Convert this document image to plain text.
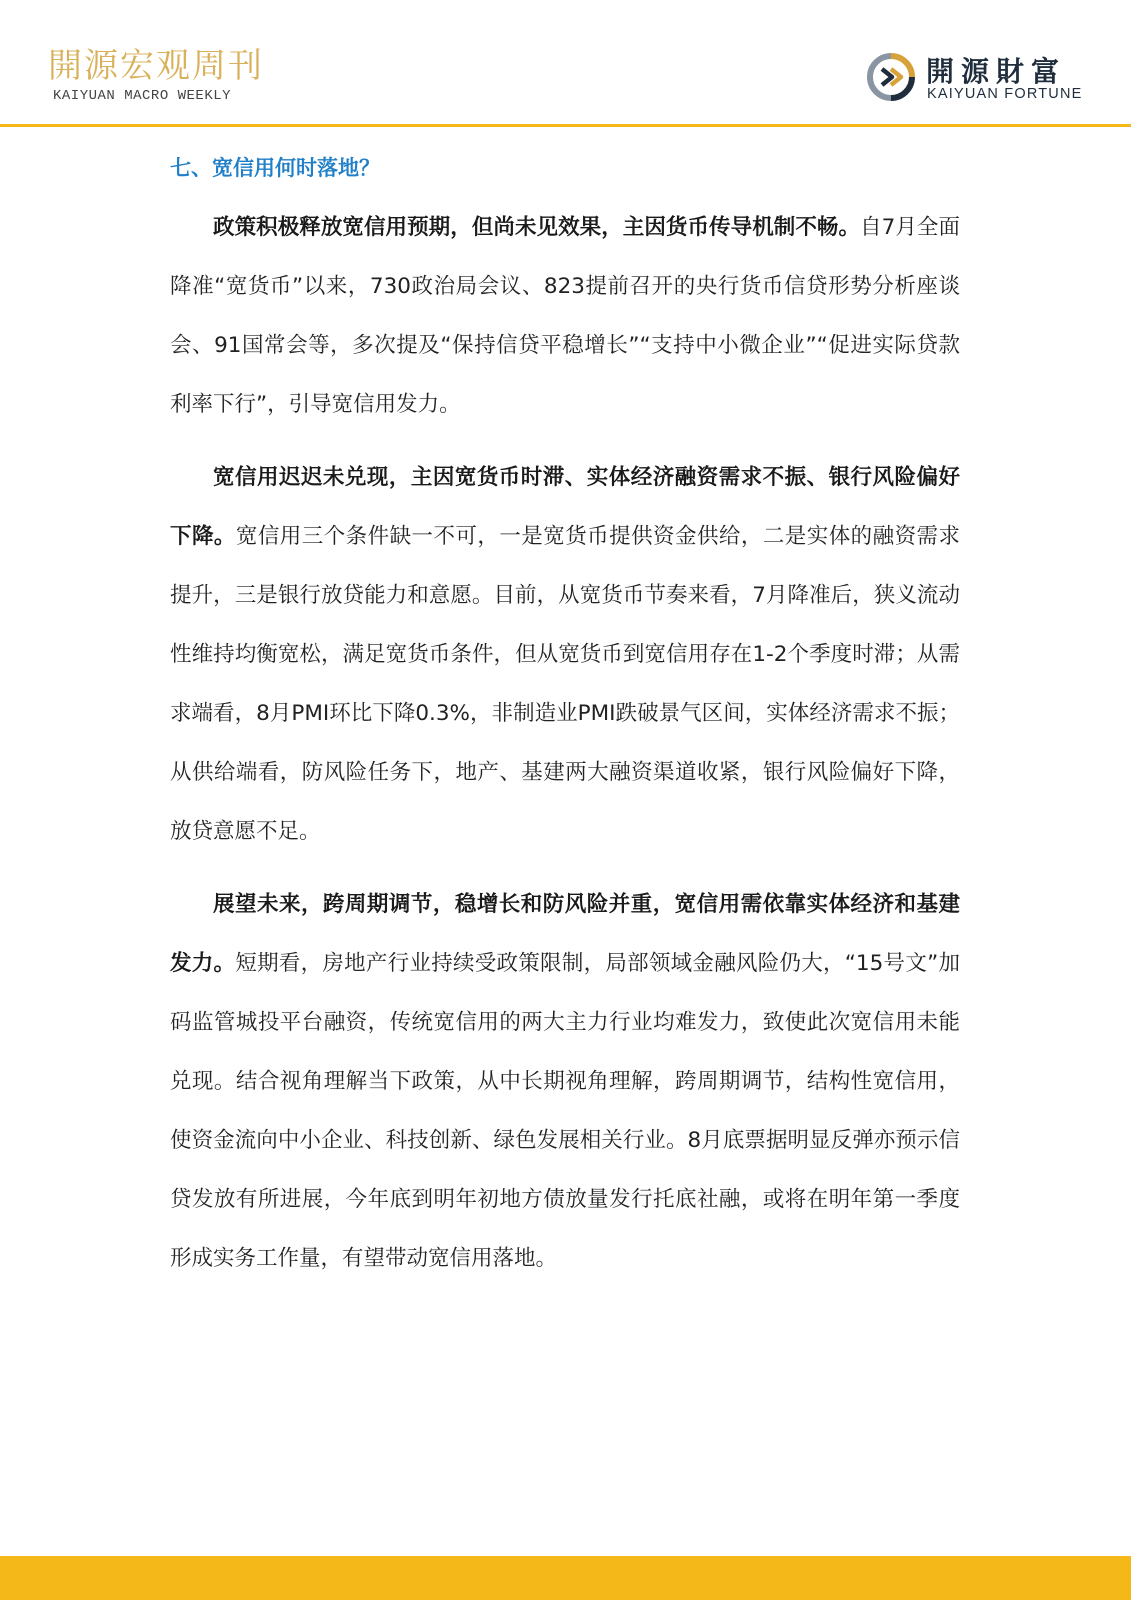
開源宏观周刊
KAIYUAN MACRO WEEKLY
開源財富
KAIYUAN FORTUNE
七、宽信用何时落地？

政策积极释放宽信用预期，但尚未见效果，主因货币传导机制不畅。自7月全面降准“宽货币”以来，730政治局会议、823提前召开的央行货币信贷形势分析座谈会、91国常会等，多次提及“保持信贷平稳增长”“支持中小微企业”“促进实际贷款利率下行”，引导宽信用发力。

宽信用迟迟未兑现，主因宽货币时滞、实体经济融资需求不振、银行风险偏好下降。宽信用三个条件缺一不可，一是宽货币提供资金供给，二是实体的融资需求提升，三是银行放贷能力和意愿。目前，从宽货币节奏来看，7月降准后，狭义流动性维持均衡宽松，满足宽货币条件，但从宽货币到宽信用存在1-2个季度时滞；从需求端看，8月PMI环比下降0.3%，非制造业PMI跌破景气区间，实体经济需求不振；从供给端看，防风险任务下，地产、基建两大融资渠道收紧，银行风险偏好下降，放贷意愿不足。

展望未来，跨周期调节，稳增长和防风险并重，宽信用需依靠实体经济和基建发力。短期看，房地产行业持续受政策限制，局部领域金融风险仍大，“15号文”加码监管城投平台融资，传统宽信用的两大主力行业均难发力，致使此次宽信用未能兑现。结合视角理解当下政策，从中长期视角理解，跨周期调节，结构性宽信用，使资金流向中小企业、科技创新、绿色发展相关行业。8月底票据明显反弹亦预示信贷发放有所进展，今年底到明年初地方债放量发行托底社融，或将在明年第一季度形成实务工作量，有望带动宽信用落地。
